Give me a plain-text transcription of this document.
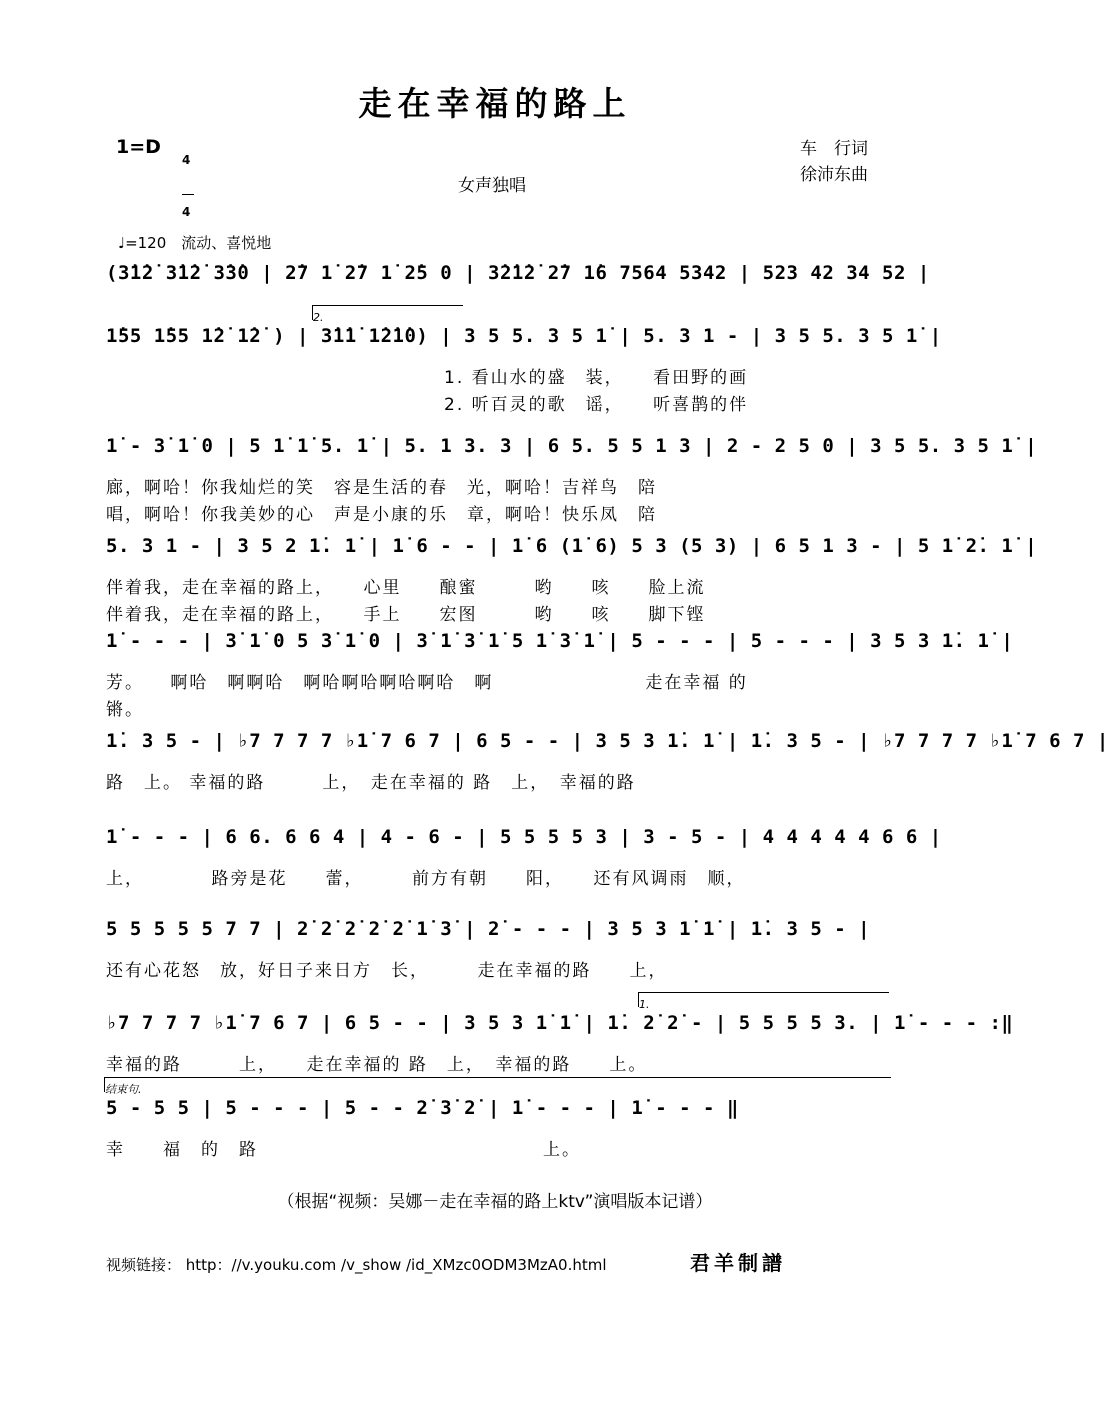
走在幸福的路上
1=D

4

4

车　行词
徐沛东曲
女声独唱
♩=120　流动、喜悦地
(3̇1̇2̇ 3̇1̇2̇ 3̇3̇0 | 2̇7 1̇ 2̇7 1̇ 2̇5 0 | 3̇2̇1̇2̇ 2̇7 1̇6 7564 5342 | 523 42 34 52 |
2.
1̇55 1̇55 1̇2̇ 1̇2̇ ) | 3̇1̇1̇ 1̇2̇1̇0) | 3 5 5. 3 5 1̇ | 5. 3 1 - | 3 5 5. 3 5 1̇ |
1. 看山水的盛　装，　　看田野的画
2. 听百灵的歌　谣，　　听喜鹊的伴
1̇ - 3̇ 1̇ 0 | 5 1̇ 1̇ 5. 1̇ | 5. 1 3. 3 | 6 5. 5 5 1 3 | 2 - 2 5 0 | 3 5 5. 3 5 1̇ |
廊，啊哈！你我灿烂的笑　容是生活的春　光，啊哈！吉祥鸟　陪
唱，啊哈！你我美妙的心　声是小康的乐　章，啊哈！快乐凤　陪
5. 3 1 - | 3 5 2 1̇. 1̇ | 1̇ 6 - - | 1̇ 6 (1̇ 6) 5 3 (5 3) | 6 5 1 3 - | 5 1̇ 2̇. 1̇ |
伴着我，走在幸福的路上，　　心里　　酿蜜　　　哟　　咳　　脸上流
伴着我，走在幸福的路上，　　手上　　宏图　　　哟　　咳　　脚下铿
1̇ - - - | 3̇ 1̇ 0 5 3̇ 1̇ 0 | 3̇ 1̇ 3̇ 1̇ 5 1̇ 3̇ 1̇ | 5 - - - | 5 - - - | 3 5 3 1̇. 1̇ |
芳。 　啊哈　啊啊哈　啊哈啊哈啊哈啊哈　啊　　　　　　　　走在幸福 的
锵。
1̇. 3 5 - | ♭7 7 7 7 ♭1̇ 7 6 7 | 6 5 - - | 3 5 3 1̇. 1̇ | 1̇. 3 5 - | ♭7 7 7 7 ♭1̇ 7 6 7 |
路　上。 幸福的路　　　上，　走在幸福的 路　上，　幸福的路
1̇ - - - | 6 6. 6 6 4 | 4 - 6 - | 5 5 5 5 3 | 3 - 5 - | 4 4 4 4 4 6 6 |
上，　　　　路旁是花　　蕾，　　　前方有朝　　阳，　　还有风调雨　顺，
5 5 5 5 5 7 7 | 2̇ 2̇ 2̇ 2̇ 2̇ 1̇ 3̇ | 2̇ - - - | 3 5 3 1̇ 1̇ | 1̇. 3 5 - |
还有心花怒　放，好日子来日方　长，　　　走在幸福的路　　上，
1.
♭7 7 7 7 ♭1̇ 7 6 7 | 6 5 - - | 3 5 3 1̇ 1̇ | 1̇. 2̇ 2̇ - | 5 5 5 5 3. | 1̇ - - - :‖
幸福的路　　　上，　　走在幸福的 路　上，　幸福的路　　上。
结束句.
5 - 5 5 | 5 - - - | 5 - - 2̇ 3̇ 2̇ | 1̇ - - - | 1̇ - - - ‖
幸　　福　的　路　　　　　　　　　　　　　　　上。
（根据“视频：吴娜－走在幸福的路上ktv”演唱版本记谱）
视频链接： http：//v.youku.com /v_show /id_XMzc0ODM3MzA0.html	君羊制譜
